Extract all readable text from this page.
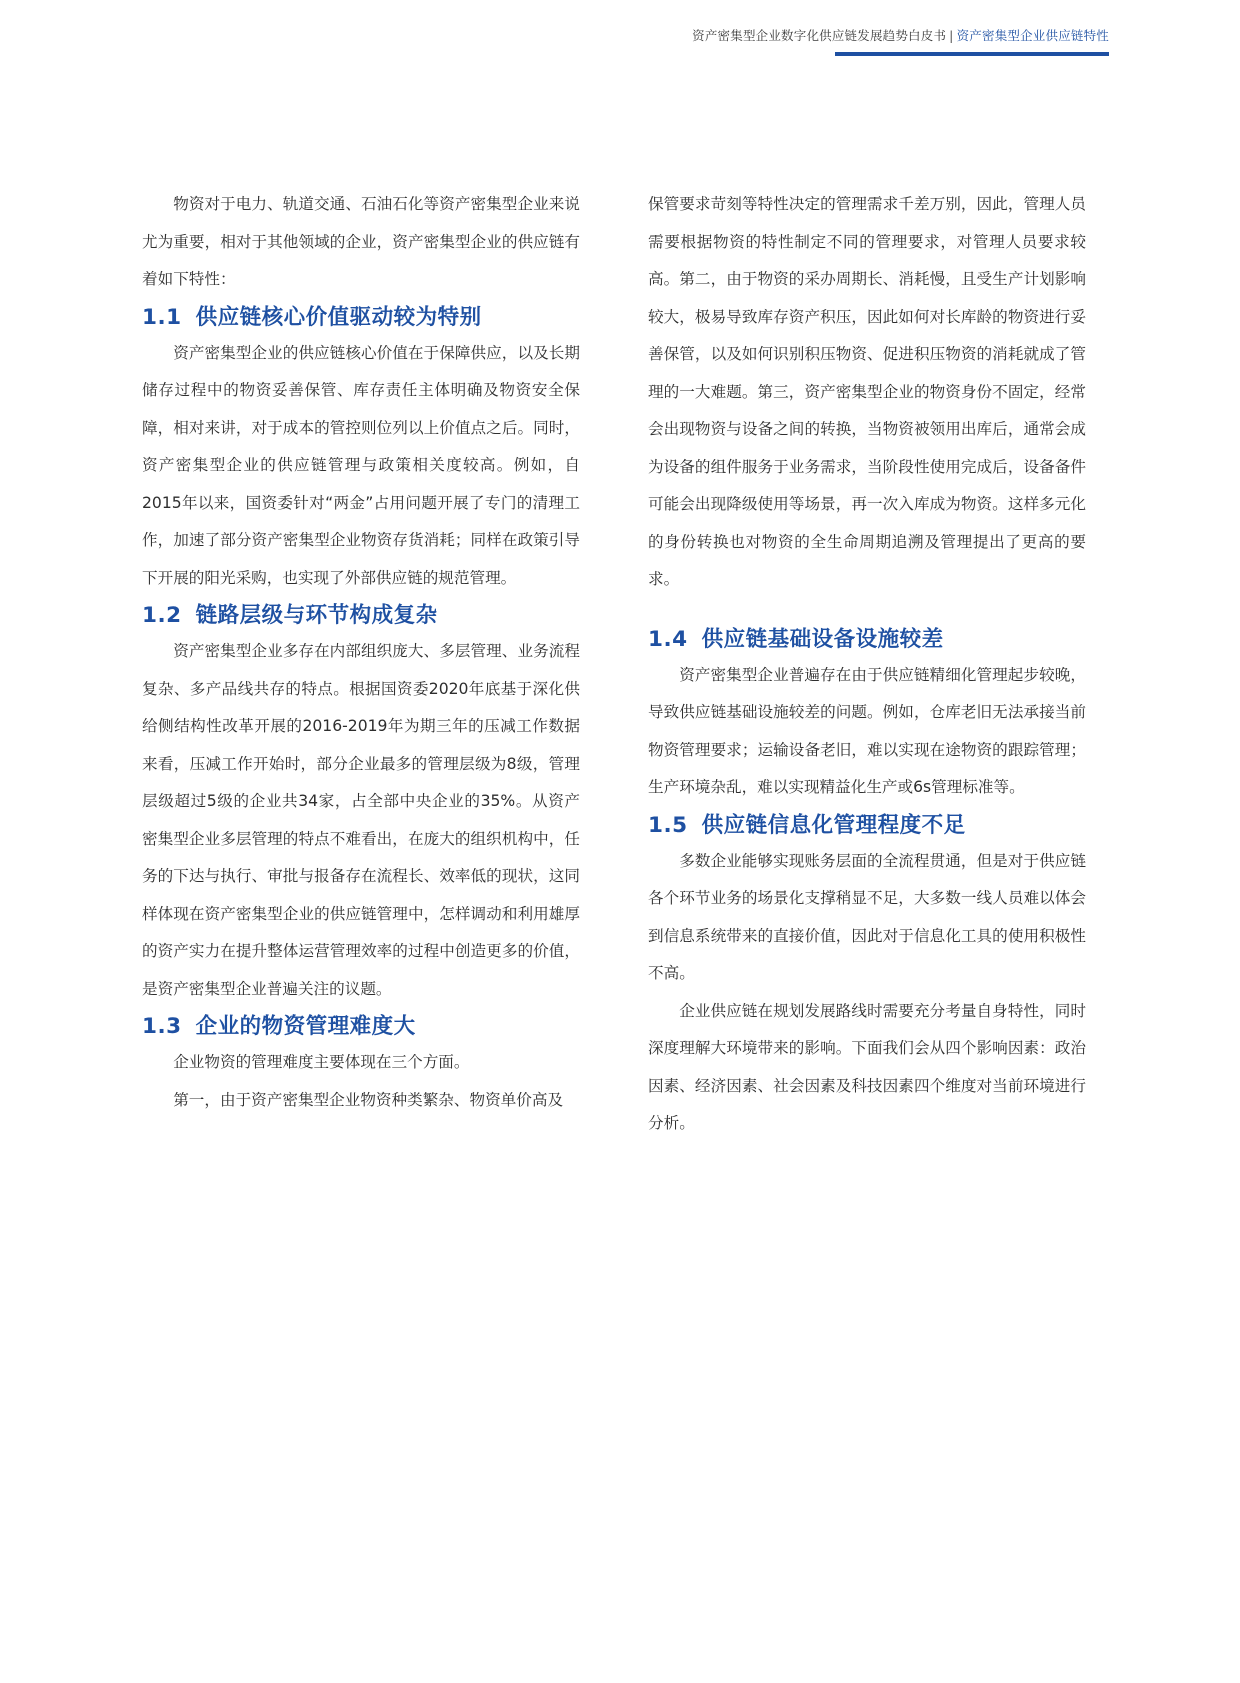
资产密集型企业数字化供应链发展趋势白皮书 | 资产密集型企业供应链特性

物资对于电力、轨道交通、石油石化等资产密集型企业来说尤为重要，相对于其他领域的企业，资产密集型企业的供应链有着如下特性：

1.1 供应链核心价值驱动较为特别

资产密集型企业的供应链核心价值在于保障供应，以及长期储存过程中的物资妥善保管、库存责任主体明确及物资安全保障，相对来讲，对于成本的管控则位列以上价值点之后。同时，资产密集型企业的供应链管理与政策相关度较高。例如，自2015年以来，国资委针对“两金”占用问题开展了专门的清理工作，加速了部分资产密集型企业物资存货消耗；同样在政策引导下开展的阳光采购，也实现了外部供应链的规范管理。

1.2 链路层级与环节构成复杂

资产密集型企业多存在内部组织庞大、多层管理、业务流程复杂、多产品线共存的特点。根据国资委2020年底基于深化供给侧结构性改革开展的2016-2019年为期三年的压减工作数据来看，压减工作开始时，部分企业最多的管理层级为8级，管理层级超过5级的企业共34家，占全部中央企业的35%。从资产密集型企业多层管理的特点不难看出，在庞大的组织机构中，任务的下达与执行、审批与报备存在流程长、效率低的现状，这同样体现在资产密集型企业的供应链管理中，怎样调动和利用雄厚的资产实力在提升整体运营管理效率的过程中创造更多的价值，是资产密集型企业普遍关注的议题。

1.3 企业的物资管理难度大

企业物资的管理难度主要体现在三个方面。

第一，由于资产密集型企业物资种类繁杂、物资单价高及

保管要求苛刻等特性决定的管理需求千差万别，因此，管理人员需要根据物资的特性制定不同的管理要求，对管理人员要求较高。第二，由于物资的采办周期长、消耗慢，且受生产计划影响较大，极易导致库存资产积压，因此如何对长库龄的物资进行妥善保管，以及如何识别积压物资、促进积压物资的消耗就成了管理的一大难题。第三，资产密集型企业的物资身份不固定，经常会出现物资与设备之间的转换，当物资被领用出库后，通常会成为设备的组件服务于业务需求，当阶段性使用完成后，设备备件可能会出现降级使用等场景，再一次入库成为物资。这样多元化的身份转换也对物资的全生命周期追溯及管理提出了更高的要求。

1.4 供应链基础设备设施较差

资产密集型企业普遍存在由于供应链精细化管理起步较晚，导致供应链基础设施较差的问题。例如，仓库老旧无法承接当前物资管理要求；运输设备老旧，难以实现在途物资的跟踪管理；生产环境杂乱，难以实现精益化生产或6s管理标准等。

1.5 供应链信息化管理程度不足

多数企业能够实现账务层面的全流程贯通，但是对于供应链各个环节业务的场景化支撑稍显不足，大多数一线人员难以体会到信息系统带来的直接价值，因此对于信息化工具的使用积极性不高。

企业供应链在规划发展路线时需要充分考量自身特性，同时深度理解大环境带来的影响。下面我们会从四个影响因素：政治因素、经济因素、社会因素及科技因素四个维度对当前环境进行分析。
